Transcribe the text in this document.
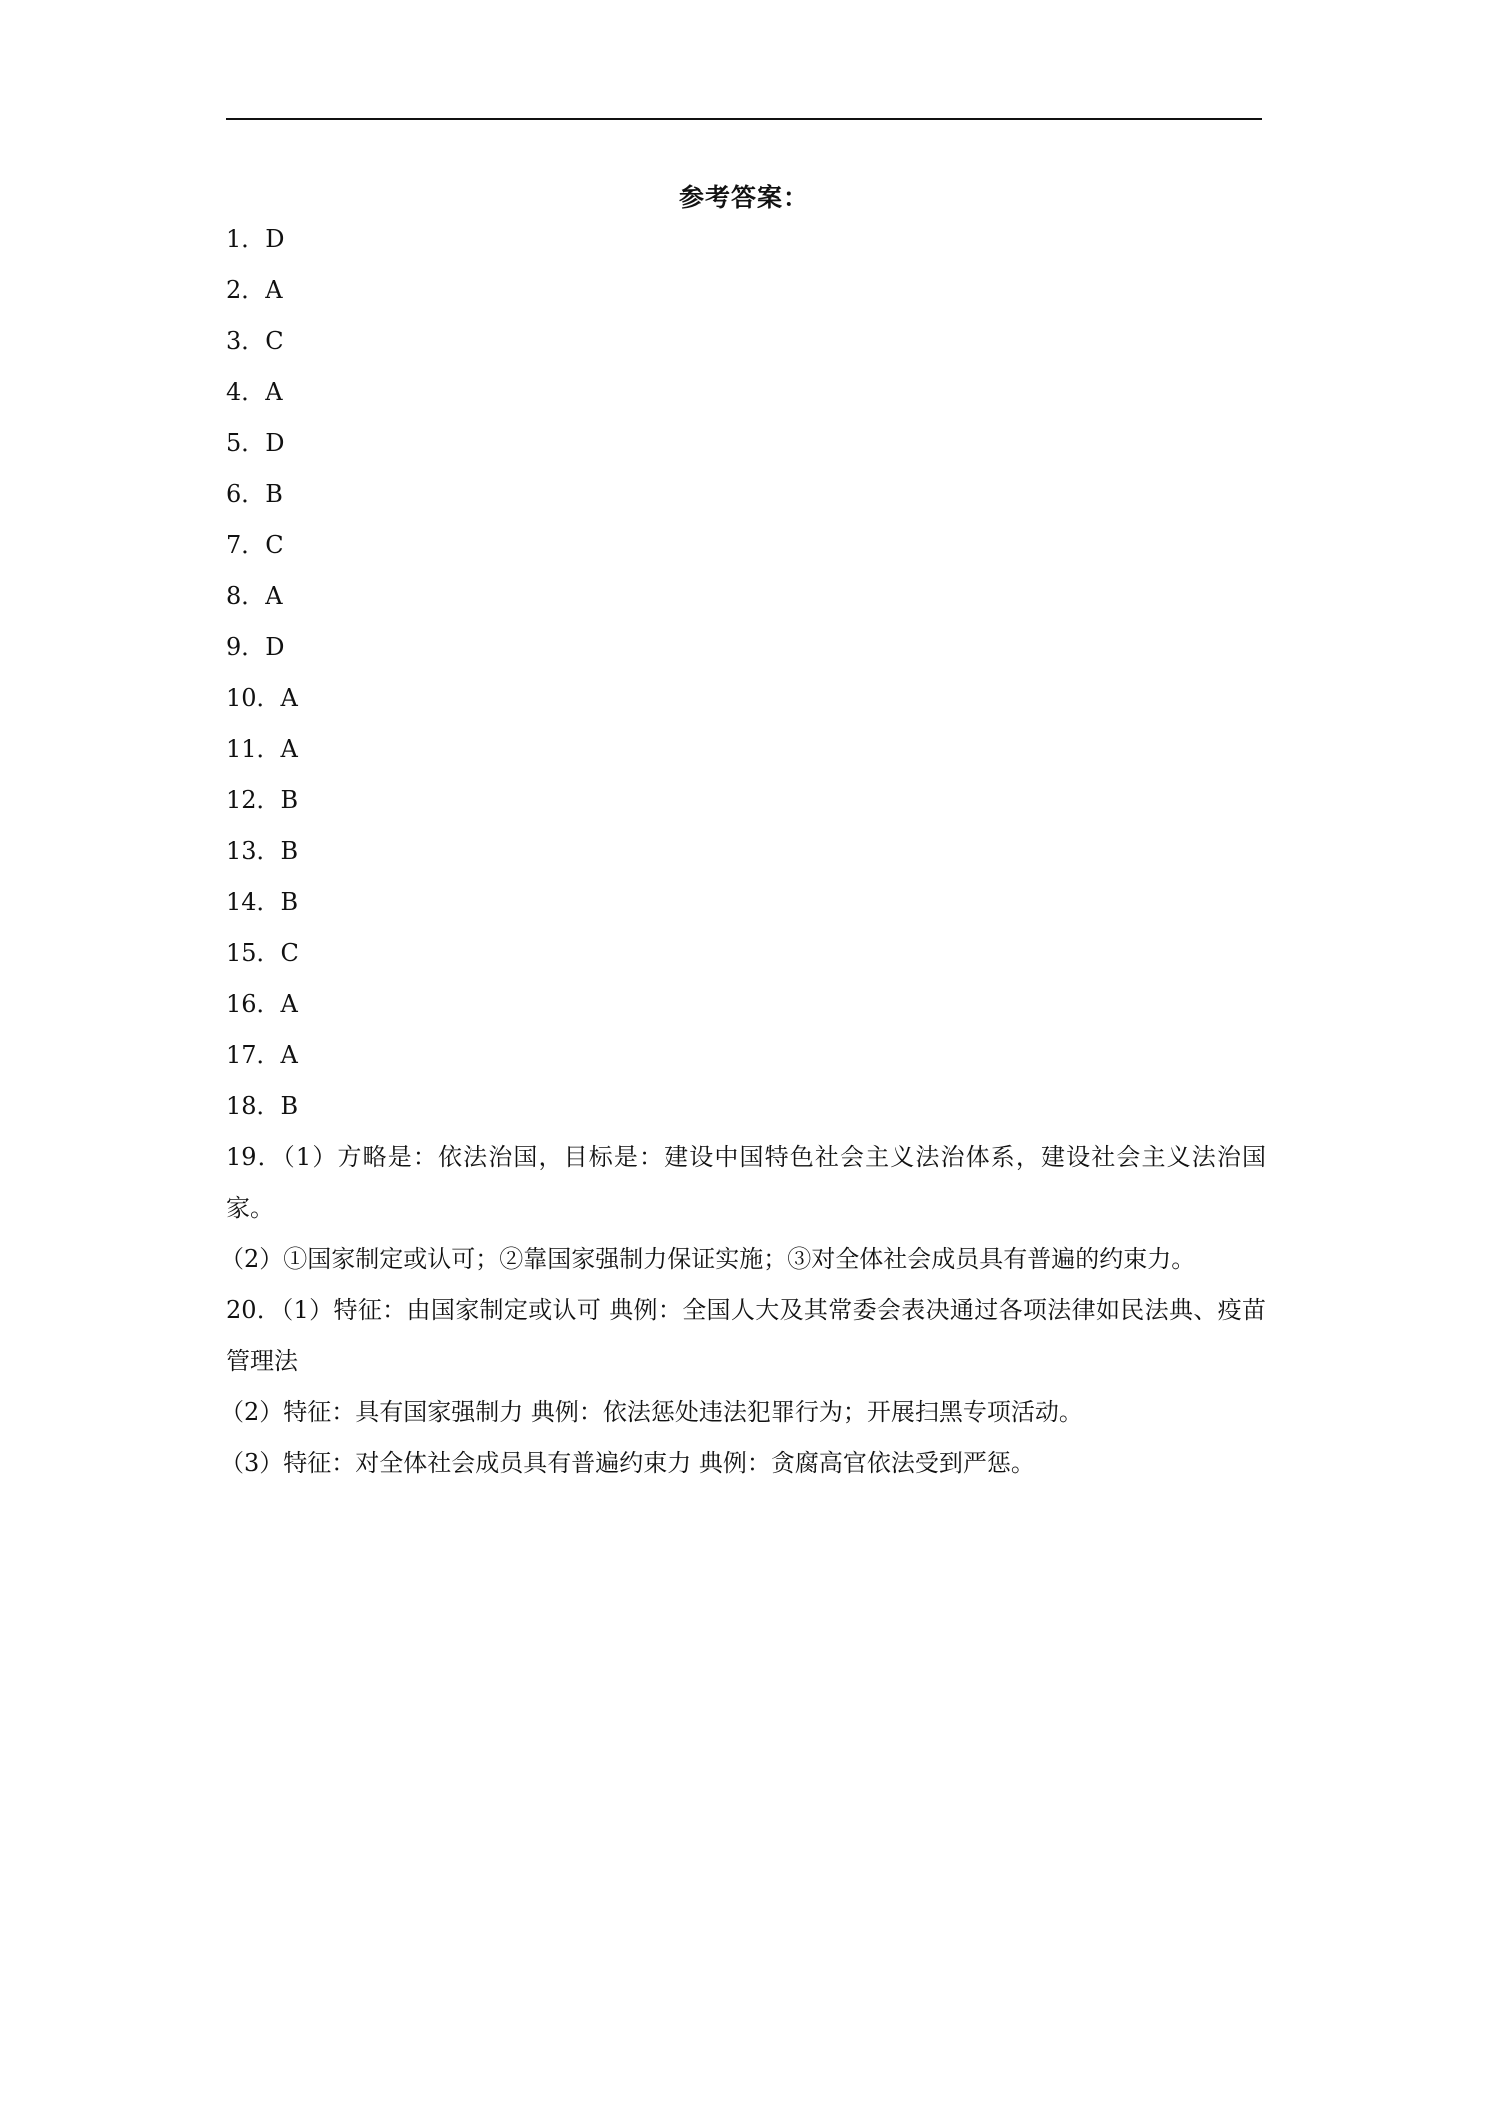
参考答案：
1．D
2．A
3．C
4．A
5．D
6．B
7．C
8．A
9．D
10．A
11．A
12．B
13．B
14．B
15．C
16．A
17．A
18．B

19．（1）方略是：依法治国，目标是：建设中国特色社会主义法治体系，建设社会主义法治国家。

（2）①国家制定或认可；②靠国家强制力保证实施；③对全体社会成员具有普遍的约束力。

20．（1）特征：由国家制定或认可 典例：全国人大及其常委会表决通过各项法律如民法典、疫苗管理法

（2）特征：具有国家强制力 典例：依法惩处违法犯罪行为；开展扫黑专项活动。

（3）特征：对全体社会成员具有普遍约束力 典例：贪腐高官依法受到严惩。
